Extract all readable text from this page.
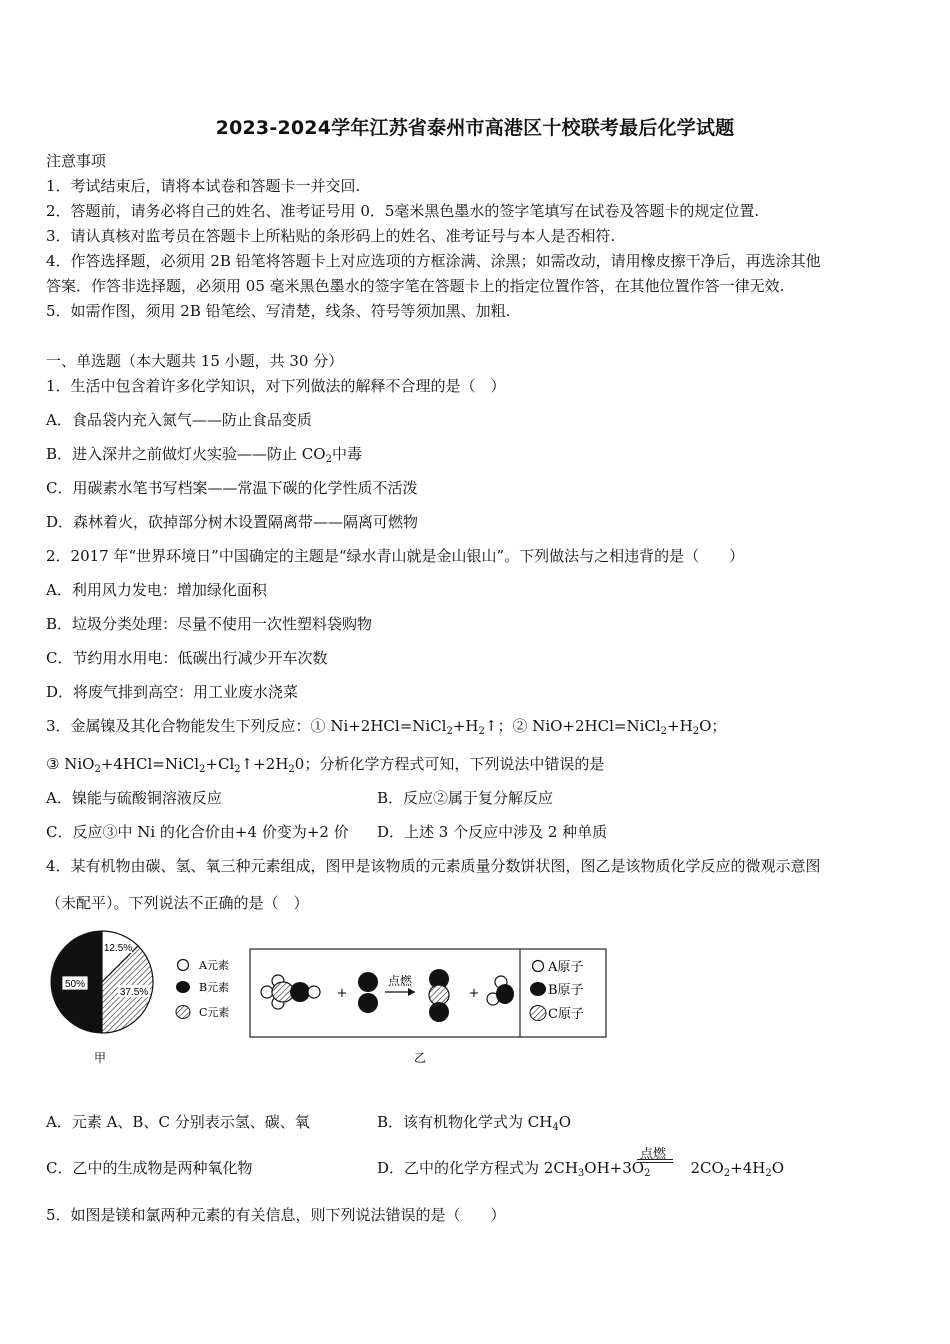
2023-2024学年江苏省泰州市高港区十校联考最后化学试题
注意事项
1．考试结束后，请将本试卷和答题卡一并交回.
2．答题前，请务必将自己的姓名、准考证号用 0．5毫米黑色墨水的签字笔填写在试卷及答题卡的规定位置.
3．请认真核对监考员在答题卡上所粘贴的条形码上的姓名、准考证号与本人是否相符.
4．作答选择题，必须用 2B 铅笔将答题卡上对应选项的方框涂满、涂黑；如需改动，请用橡皮擦干净后，再选涂其他
答案．作答非选择题，必须用 05 毫米黑色墨水的签字笔在答题卡上的指定位置作答，在其他位置作答一律无效.
5．如需作图，须用 2B 铅笔绘、写清楚，线条、符号等须加黑、加粗.
一、单选题（本大题共 15 小题，共 30 分）
1．生活中包含着许多化学知识，对下列做法的解释不合理的是（　）
A．食品袋内充入氮气——防止食品变质
B．进入深井之前做灯火实验——防止 $CO_2$中毒
C．用碳素水笔书写档案——常温下碳的化学性质不活泼
D．森林着火，砍掉部分树木设置隔离带——隔离可燃物
2．2017 年“世界环境日”中国确定的主题是“绿水青山就是金山银山”。下列做法与之相违背的是（　　）
A．利用风力发电：增加绿化面积
B．垃圾分类处理：尽量不使用一次性塑料袋购物
C．节约用水用电：低碳出行减少开车次数
D．将废气排到高空：用工业废水浇菜
3．金属镍及其化合物能发生下列反应：① $Ni+2HCl=NiCl_2+H_2↑$；② $NiO+2HCl=NiCl_2+H_2O$；
③ $NiO_2+4HCl=NiCl_2+Cl_2↑+2H_20$；分析化学方程式可知，下列说法中错误的是
A．镍能与硫酸铜溶液反应	B．反应②属于复分解反应
C．反应③中 Ni 的化合价由+4 价变为+2 价 D．上述 3 个反应中涉及 2 种单质
4．某有机物由碳、氢、氧三种元素组成，图甲是该物质的元素质量分数饼状图，图乙是该物质化学反应的微观示意图
（未配平）。下列说法不正确的是（　）
50%
12.5%
37.5%
A元素
B元素
C元素
甲
+
点燃
+
A原子
B原子
C原子
乙
A．元素 A、B、C 分别表示氢、碳、氧	B．该有机物化学式为 $CH_4O$
C．乙中的生成物是两种氧化物	D．乙中的化学方程式为 $2CH_3OH+3O_2$	$2CO_2+4H_2O$
点燃
5．如图是镁和氯两种元素的有关信息，则下列说法错误的是（　　）
